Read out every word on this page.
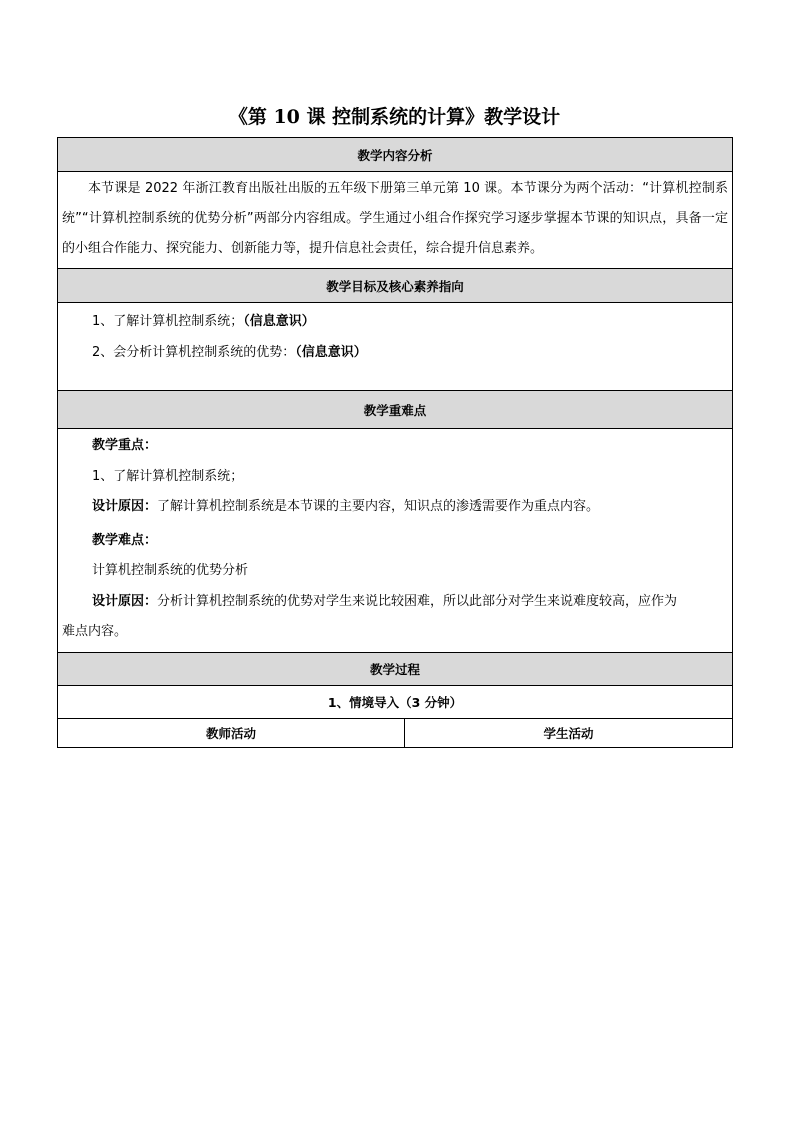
《第 10 课 控制系统的计算》教学设计
教学内容分析

本节课是 2022 年浙江教育出版社出版的五年级下册第三单元第 10 课。本节课分为两个活动：“计算机控制系统”“计算机控制系统的优势分析”两部分内容组成。学生通过小组合作探究学习逐步掌握本节课的知识点，具备一定的小组合作能力、探究能力、创新能力等，提升信息社会责任，综合提升信息素养。

教学目标及核心素养指向

1、了解计算机控制系统；（信息意识）

2、会分析计算机控制系统的优势：（信息意识）

教学重难点

教学重点：

1、了解计算机控制系统；

设计原因：了解计算机控制系统是本节课的主要内容，知识点的渗透需要作为重点内容。

教学难点：

计算机控制系统的优势分析

设计原因：分析计算机控制系统的优势对学生来说比较困难，所以此部分对学生来说难度较高，应作为
难点内容。

教学过程
1、情境导入（3 分钟）
教师活动	学生活动
